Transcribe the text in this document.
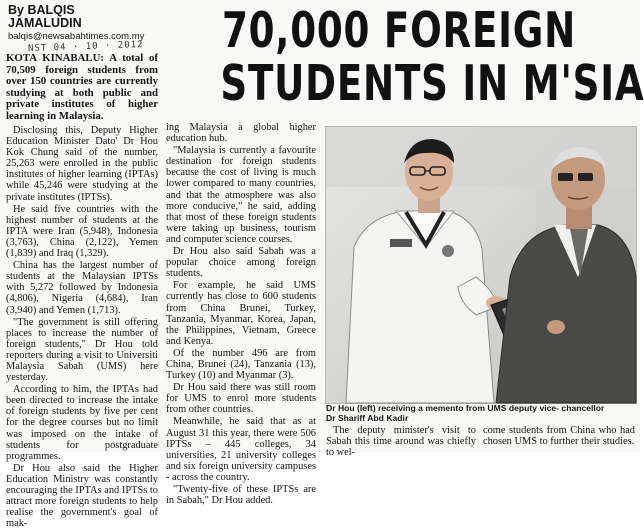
By BALQIS
JAMALUDIN
balqis@newsabahtimes.com.my
NST 04 · 10 · 2012 70,000 FOREIGN
STUDENTS IN M'SIA

KOTA KINABALU: A total of 70,509 foreign students from over 150 countries are currently studying at both public and private institutes of higher learning in Malaysia.

Disclosing this, Deputy Higher Education Minister Dato' Dr Hou Kok Chung said of the number, 25,263 were enrolled in the public institutes of higher learning (IPTAs) while 45,246 were studying at the private institutes (IPTSs).

He said five countries with the highest number of students at the IPTA were Iran (5,948), Indonesia (3,763), China (2,122), Yemen (1,839) and Iraq (1,329).

China has the largest number of students at the Malaysian IPTSs with 5,272 followed by Indonesia (4,806), Nigeria (4,684), Iran (3,940) and Yemen (1,713).

"The government is still offering places to increase the number of foreign students," Dr Hou told reporters during a visit to Universiti Malaysia Sabah (UMS) here yesterday.

According to him, the IPTAs had been directed to increase the intake of foreign students by five per cent for the degree courses but no limit was imposed on the intake of students for postgraduate programmes.

Dr Hou also said the Higher Education Ministry was constantly encouraging the IPTAs and IPTSs to attract more foreign students to help realise the government's goal of mak-

ing Malaysia a global higher education hub.

"Malaysia is currently a favourite destination for foreign students because the cost of living is much lower compared to many countries, and that the atmosphere was also more conducive," he said, adding that most of these foreign students were taking up business, tourism and computer science courses.

Dr Hou also said Sabah was a popular choice among foreign students.

For example, he said UMS currently has close to 600 students from China Brunei, Turkey, Tanzania, Myanmar, Korea, Japan, the Philippines, Vietnam, Greece and Kenya.

Of the number 496 are from China, Brunei (24), Tanzania (13), Turkey (10) and Myanmar (3).

Dr Hou said there was still room for UMS to enrol more students from other countries.

Meanwhile, he said that as at August 31 this year, there were 506 IPTSs – 445 colleges, 34 universities, 21 university colleges and six foreign university campuses - across the country.

"Twenty-five of these IPTSs are in Sabah," Dr Hou added.

Dr Hou (left) receiving a memento from UMS deputy vice- chancellor
Dr Shariff Abd Kadir

The deputy minister's visit to Sabah this time around was chiefly to wel-

come students from China who had chosen UMS to further their studies.
